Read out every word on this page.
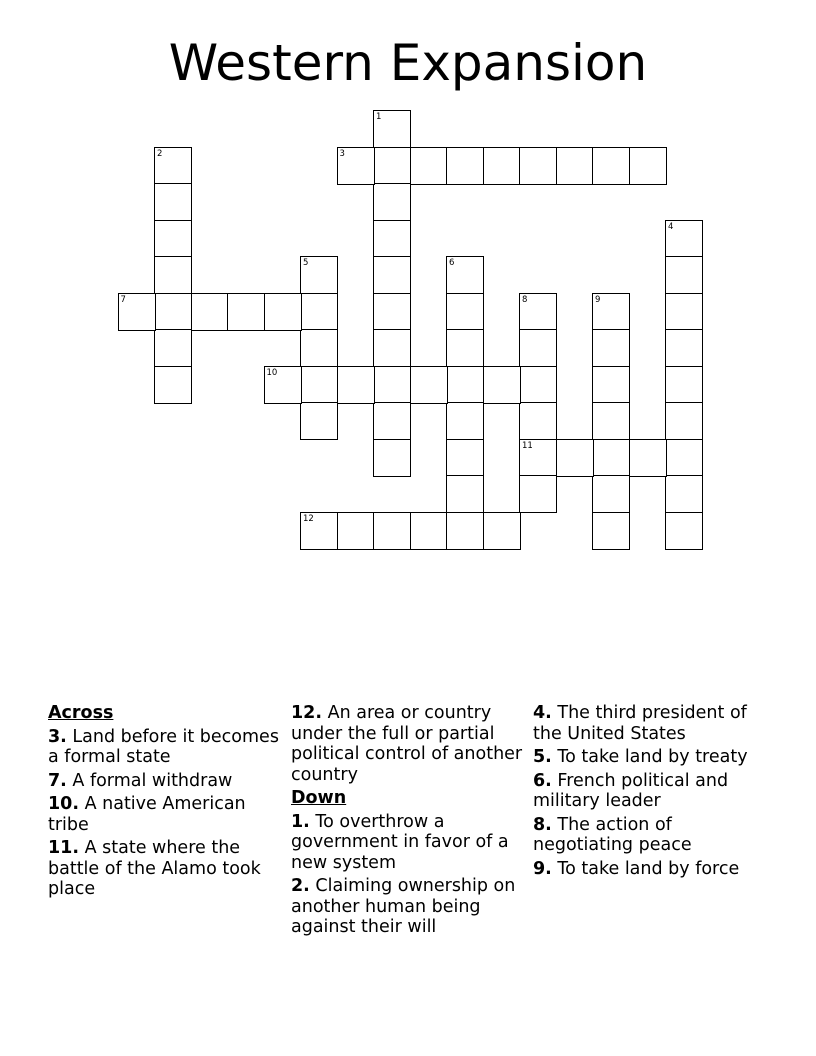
Western Expansion
1
2	3
4
5	6
7	8	9
10
11
12
Across
3. Land before it becomes a formal state
7. A formal withdraw
10. A native American tribe
11. A state where the battle of the Alamo took place
12. An area or country under the full or partial political control of another country
Down
1. To overthrow a government in favor of a new system
2. Claiming ownership on another human being against their will
4. The third president of the United States
5. To take land by treaty
6. French political and military leader
8. The action of negotiating peace
9. To take land by force
